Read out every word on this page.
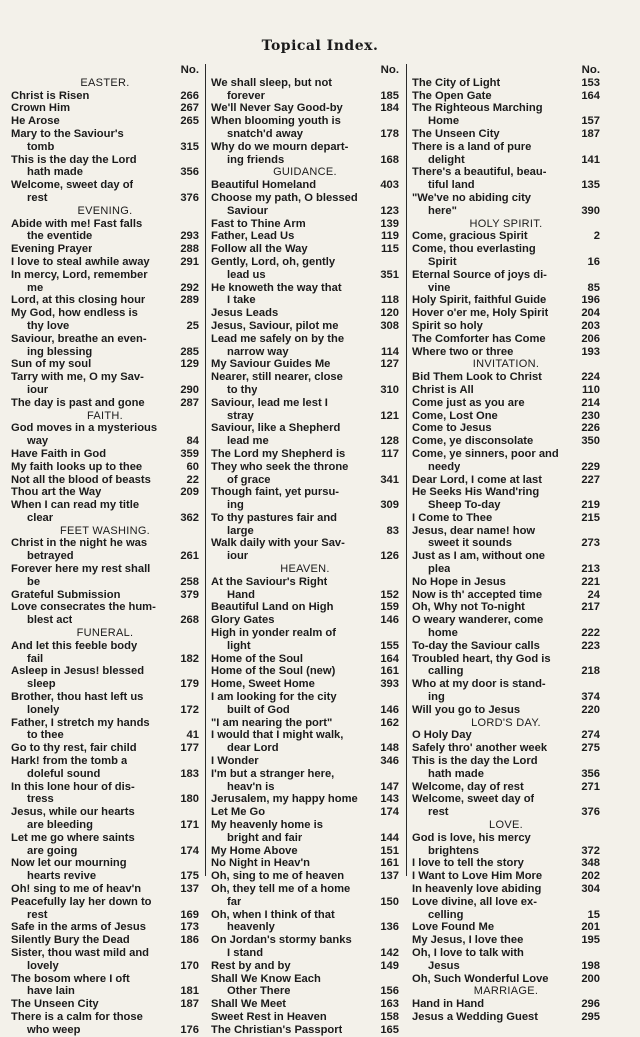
Topical Index.
No.
EASTER.
Christ is Risen	266
Crown Him	267
He Arose	265
Mary to the Saviour's
tomb	315
This is the day the Lord
hath made	356
Welcome, sweet day of
rest	376
EVENING.
Abide with me! Fast falls
the eventide	293
Evening Prayer	288
I love to steal awhile away	291
In mercy, Lord, remember
me	292
Lord, at this closing hour	289
My God, how endless is
thy love	25
Saviour, breathe an even-
ing blessing	285
Sun of my soul	129
Tarry with me, O my Sav-
iour	290
The day is past and gone	287
FAITH.
God moves in a mysterious
way	84
Have Faith in God	359
My faith looks up to thee	60
Not all the blood of beasts	22
Thou art the Way	209
When I can read my title
clear	362
FEET WASHING.
Christ in the night he was
betrayed	261
Forever here my rest shall
be	258
Grateful Submission	379
Love consecrates the hum-
blest act	268
FUNERAL.
And let this feeble body
fail	182
Asleep in Jesus! blessed
sleep	179
Brother, thou hast left us
lonely	172
Father, I stretch my hands
to thee	41
Go to thy rest, fair child	177
Hark! from the tomb a
doleful sound	183
In this lone hour of dis-
tress	180
Jesus, while our hearts
are bleeding	171
Let me go where saints
are going	174
Now let our mourning
hearts revive	175
Oh! sing to me of heav'n	137
Peacefully lay her down to
rest	169
Safe in the arms of Jesus	173
Silently Bury the Dead	186
Sister, thou wast mild and
lovely	170
The bosom where I oft
have lain	181
The Unseen City	187
There is a calm for those
who weep	176
No.
We shall sleep, but not
forever	185
We'll Never Say Good-by	184
When blooming youth is
snatch'd away	178
Why do we mourn depart-
ing friends	168
GUIDANCE.
Beautiful Homeland	403
Choose my path, O blessed
Saviour	123
Fast to Thine Arm	139
Father, Lead Us	119
Follow all the Way	115
Gently, Lord, oh, gently
lead us	351
He knoweth the way that
I take	118
Jesus Leads	120
Jesus, Saviour, pilot me	308
Lead me safely on by the
narrow way	114
My Saviour Guides Me	127
Nearer, still nearer, close
to thy	310
Saviour, lead me lest I
stray	121
Saviour, like a Shepherd
lead me	128
The Lord my Shepherd is	117
They who seek the throne
of grace	341
Though faint, yet pursu-
ing	309
To thy pastures fair and
large	83
Walk daily with your Sav-
iour	126
HEAVEN.
At the Saviour's Right
Hand	152
Beautiful Land on High	159
Glory Gates	146
High in yonder realm of
light	155
Home of the Soul	164
Home of the Soul (new)	161
Home, Sweet Home	393
I am looking for the city
built of God	146
"I am nearing the port"	162
I would that I might walk,
dear Lord	148
I Wonder	346
I'm but a stranger here,
heav'n is	147
Jerusalem, my happy home 143
Let Me Go	174
My heavenly home is
bright and fair	144
My Home Above	151
No Night in Heav'n	161
Oh, sing to me of heaven	137
Oh, they tell me of a home
far	150
Oh, when I think of that
heavenly	136
On Jordan's stormy banks
I stand	142
Rest by and by	149
Shall We Know Each
Other There	156
Shall We Meet	163
Sweet Rest in Heaven	158
The Christian's Passport	165
No.
The City of Light	153
The Open Gate	164
The Righteous Marching
Home	157
The Unseen City	187
There is a land of pure
delight	141
There's a beautiful, beau-
tiful land	135
"We've no abiding city
here"	390
HOLY SPIRIT.
Come, gracious Spirit	2
Come, thou everlasting
Spirit	16
Eternal Source of joys di-
vine	85
Holy Spirit, faithful Guide	196
Hover o'er me, Holy Spirit	204
Spirit so holy	203
The Comforter has Come	206
Where two or three	193
INVITATION.
Bid Them Look to Christ	224
Christ is All	110
Come just as you are	214
Come, Lost One	230
Come to Jesus	226
Come, ye disconsolate	350
Come, ye sinners, poor and
needy	229
Dear Lord, I come at last	227
He Seeks His Wand'ring
Sheep To-day	219
I Come to Thee	215
Jesus, dear name! how
sweet it sounds	273
Just as I am, without one
plea	213
No Hope in Jesus	221
Now is th' accepted time	24
Oh, Why not To-night	217
O weary wanderer, come
home	222
To-day the Saviour calls	223
Troubled heart, thy God is
calling	218
Who at my door is stand-
ing	374
Will you go to Jesus	220
LORD'S DAY.
O Holy Day	274
Safely thro' another week	275
This is the day the Lord
hath made	356
Welcome, day of rest	271
Welcome, sweet day of
rest	376
LOVE.
God is love, his mercy
brightens	372
I love to tell the story	348
I Want to Love Him More	202
In heavenly love abiding	304
Love divine, all love ex-
celling	15
Love Found Me	201
My Jesus, I love thee	195
Oh, I love to talk with
Jesus	198
Oh, Such Wonderful Love	200
MARRIAGE.
Hand in Hand	296
Jesus a Wedding Guest	295
